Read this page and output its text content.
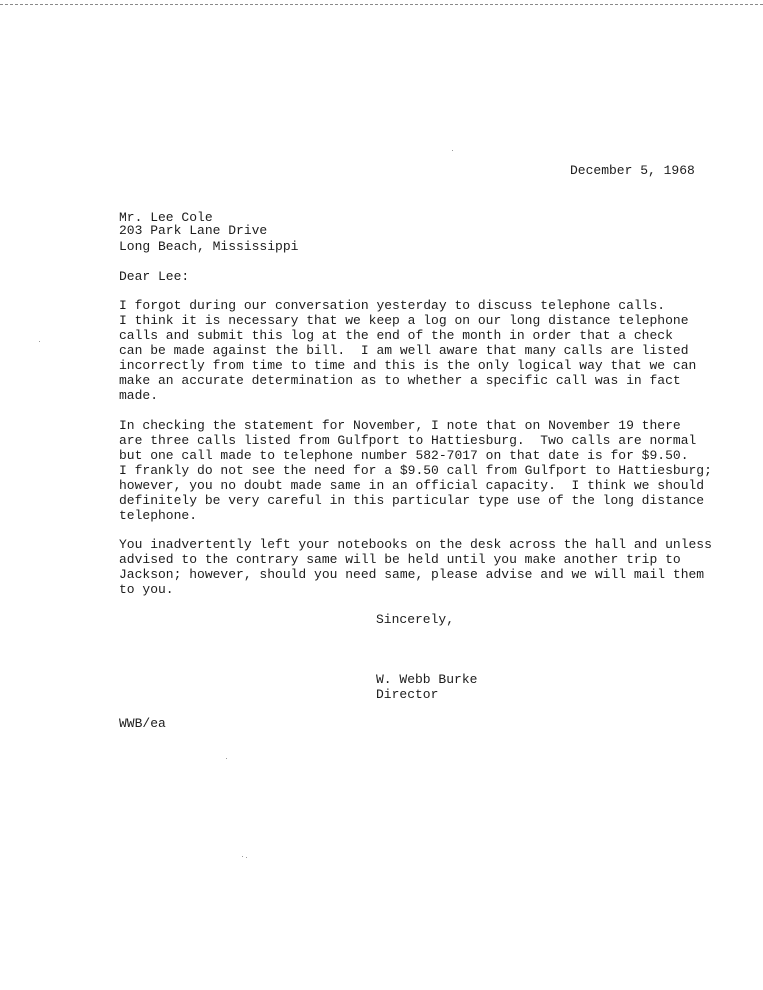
December 5, 1968
Mr. Lee Cole
203 Park Lane Drive
Long Beach, Mississippi
Dear Lee:
I forgot during our conversation yesterday to discuss telephone calls.
I think it is necessary that we keep a log on our long distance telephone
calls and submit this log at the end of the month in order that a check
can be made against the bill.  I am well aware that many calls are listed
incorrectly from time to time and this is the only logical way that we can
make an accurate determination as to whether a specific call was in fact
made.
In checking the statement for November, I note that on November 19 there
are three calls listed from Gulfport to Hattiesburg.  Two calls are normal
but one call made to telephone number 582-7017 on that date is for $9.50.
I frankly do not see the need for a $9.50 call from Gulfport to Hattiesburg;
however, you no doubt made same in an official capacity.  I think we should
definitely be very careful in this particular type use of the long distance
telephone.
You inadvertently left your notebooks on the desk across the hall and unless
advised to the contrary same will be held until you make another trip to
Jackson; however, should you need same, please advise and we will mail them
to you.
Sincerely,
W. Webb Burke
Director
WWB/ea
